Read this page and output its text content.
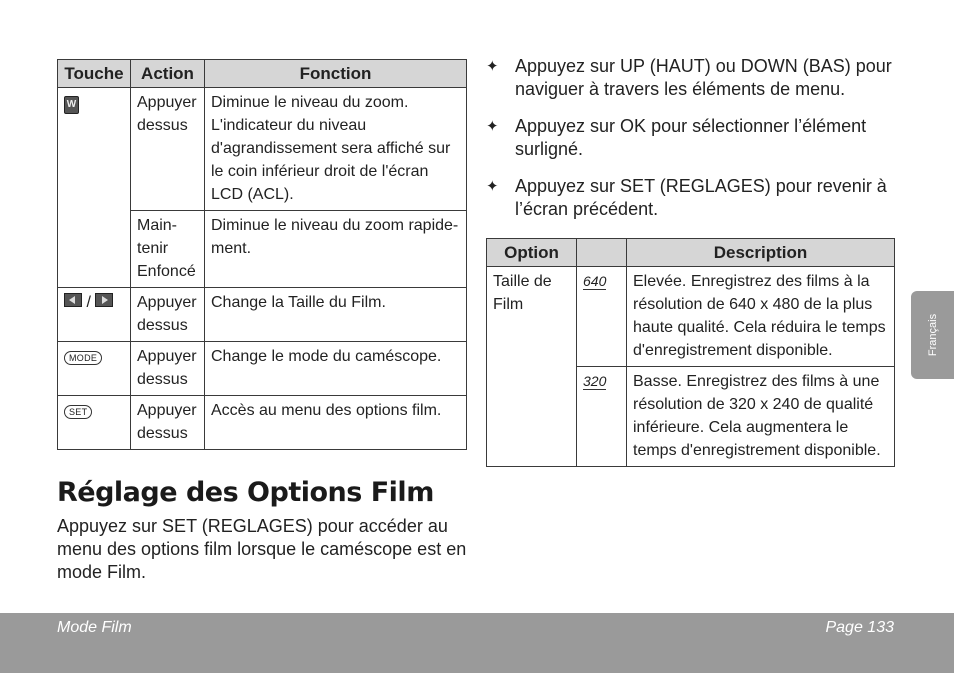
Touche	Action	Fonction
W	Appuyer dessus	Diminue le niveau du zoom. L'indicateur du niveau d'agrandissement sera affiché sur le coin inférieur droit de l'écran LCD (ACL).
	Main-tenir Enfoncé	Diminue le niveau du zoom rapide-ment.

/	Appuyer dessus	Change la Taille du Film.
MODE	Appuyer dessus	Change le mode du caméscope.
SET	Appuyer dessus	Accès au menu des options film.
✦ Appuyez sur UP (HAUT) ou DOWN (BAS) pour naviguer à travers les éléments de menu.
✦ Appuyez sur OK pour sélectionner l’élément surligné.
✦ Appuyez sur SET (REGLAGES) pour revenir à l’écran précédent.
Option		Description
Taille de Film	640	Elevée. Enregistrez des films à la résolution de 640 x 480 de la plus haute qualité. Cela réduira le temps d'enregistrement disponible.
	320	Basse. Enregistrez des films à une résolution de 320 x 240 de qualité inférieure. Cela augmentera le temps d'enregistrement disponible.
Réglage des Options Film

Appuyez sur SET (REGLAGES) pour accéder au menu des options film lorsque le caméscope est en mode Film.

Français
Mode Film	Page 133
